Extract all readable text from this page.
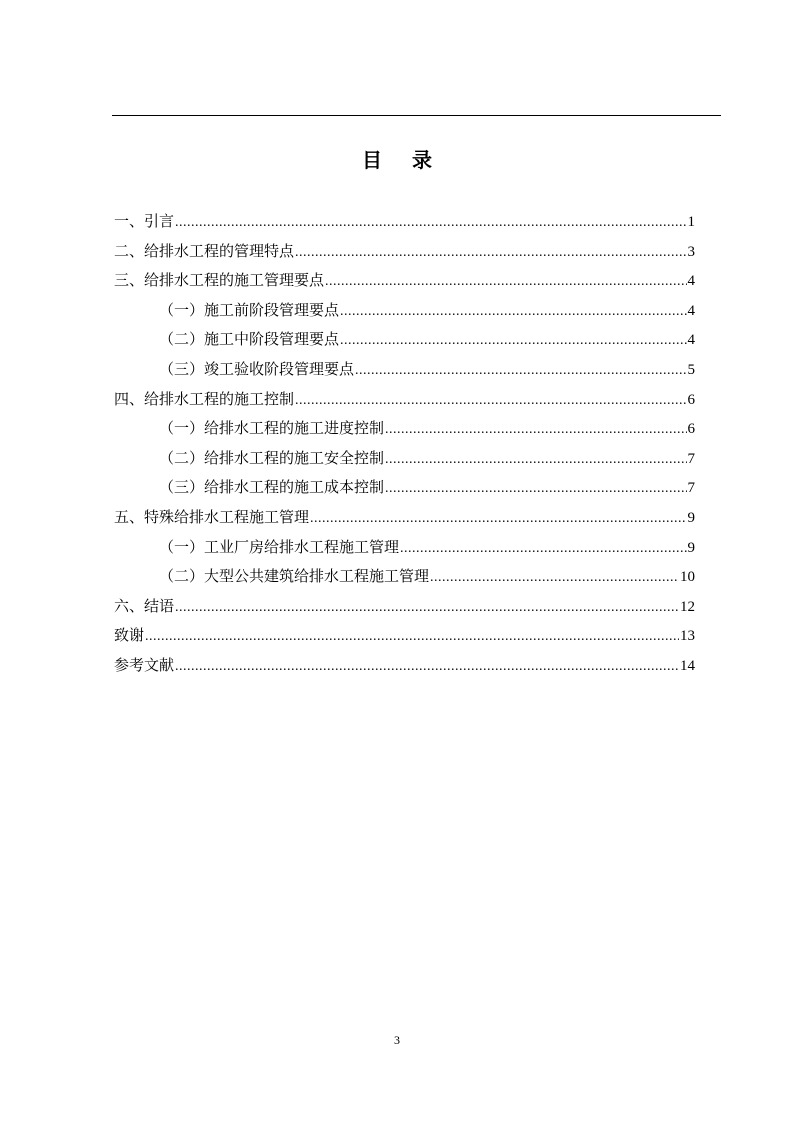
目录
一、引言 .....	1
二、给排水工程的管理特点 .....	3
三、给排水工程的施工管理要点 .....	4
（一）施工前阶段管理要点 .....	4
（二）施工中阶段管理要点 .....	4
（三）竣工验收阶段管理要点 .....	5
四、给排水工程的施工控制 .....	6
（一）给排水工程的施工进度控制 .....	6
（二）给排水工程的施工安全控制 .....	7
（三）给排水工程的施工成本控制 .....	7
五、特殊给排水工程施工管理 .....	9
（一）工业厂房给排水工程施工管理 .....	9
（二）大型公共建筑给排水工程施工管理 .....	10
六、结语 .....	12
致谢 .....	13
参考文献 .....	14
3
